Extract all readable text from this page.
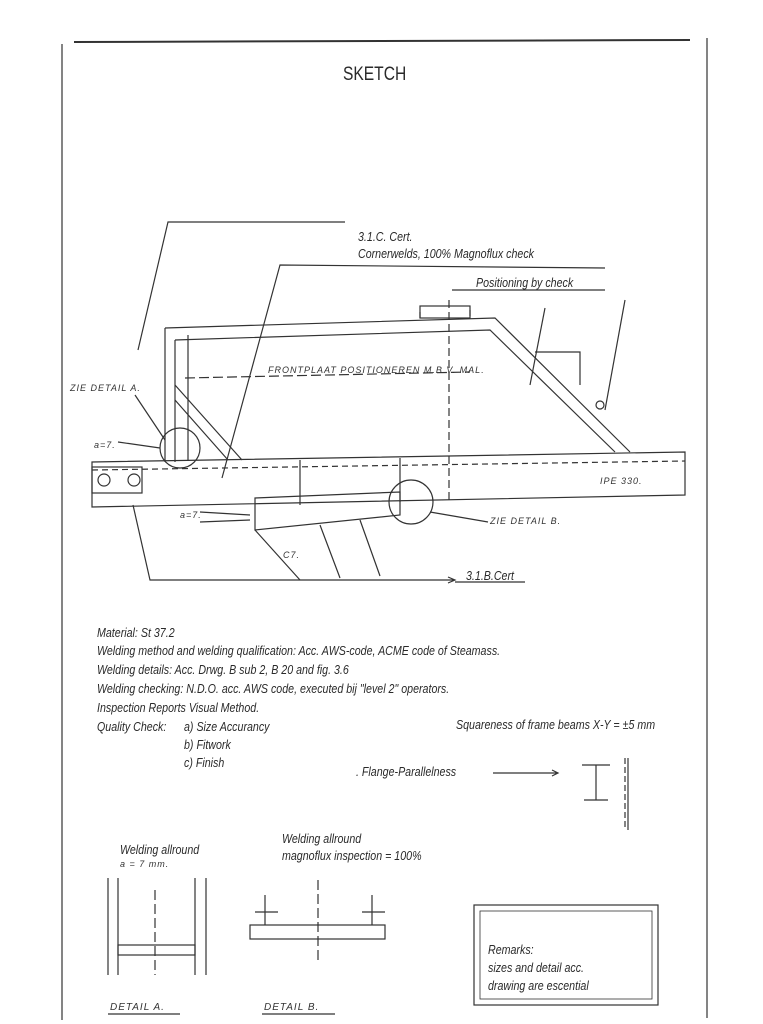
SKETCH
3.1.C. Cert.
Cornerwelds, 100% Magnoflux check
Positioning by check
3.1.B.Cert
FRONTPLAAT POSITIONEREN M.B.V. MAL.
ZIE DETAIL A.
ZIE DETAIL B.
a=7.
a=7.
IPE 330.
C7.
Material: St 37.2
Welding method and welding qualification: Acc. AWS-code, ACME code of Steamass.
Welding details: Acc. Drwg. B sub 2, B 20 and fig. 3.6
Welding checking: N.D.O. acc. AWS code, executed bij "level 2" operators.
Inspection Reports Visual Method.
Quality Check: a) Size Accurancy
b) Fitwork
c) Finish
Squareness of frame beams X-Y = ±5 mm
. Flange-Parallelness
Welding allround
a = 7 mm.
Welding allround
magnoflux inspection = 100%
DETAIL A.	DETAIL B.
Remarks:
sizes and detail acc.
drawing are escential
